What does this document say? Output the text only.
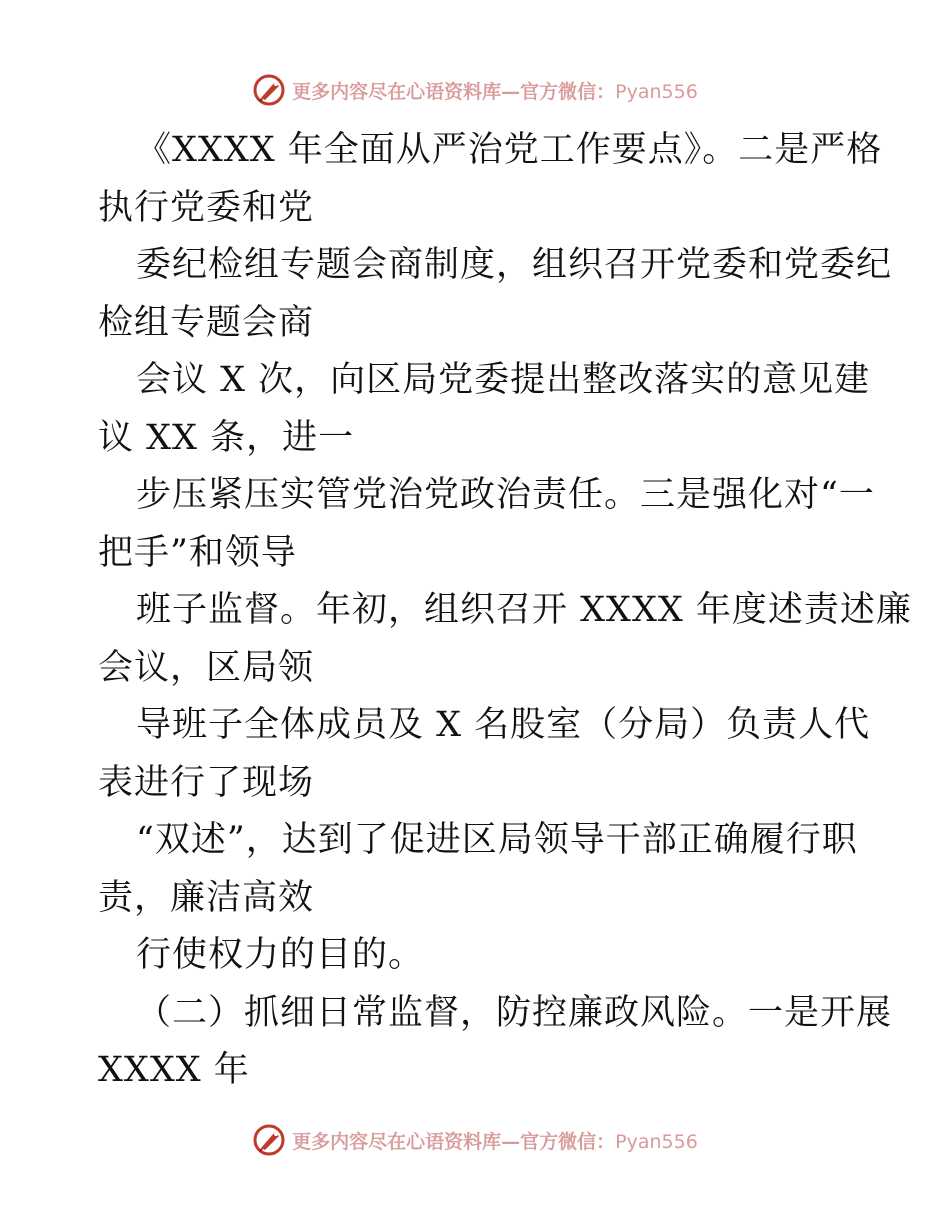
更多内容尽在心语资料库—官方微信：Pyan556
《XXXX 年全面从严治党工作要点》。二是严格
执行党委和党
委纪检组专题会商制度，组织召开党委和党委纪
检组专题会商
会议 X 次，向区局党委提出整改落实的意见建
议 XX 条，进一
步压紧压实管党治党政治责任。三是强化对“一
把手”和领导
班子监督。年初，组织召开 XXXX 年度述责述廉
会议，区局领
导班子全体成员及 X 名股室（分局）负责人代
表进行了现场
“双述”，达到了促进区局领导干部正确履行职
责，廉洁高效
行使权力的目的。
（二）抓细日常监督，防控廉政风险。一是开展
XXXX 年
更多内容尽在心语资料库—官方微信：Pyan556
